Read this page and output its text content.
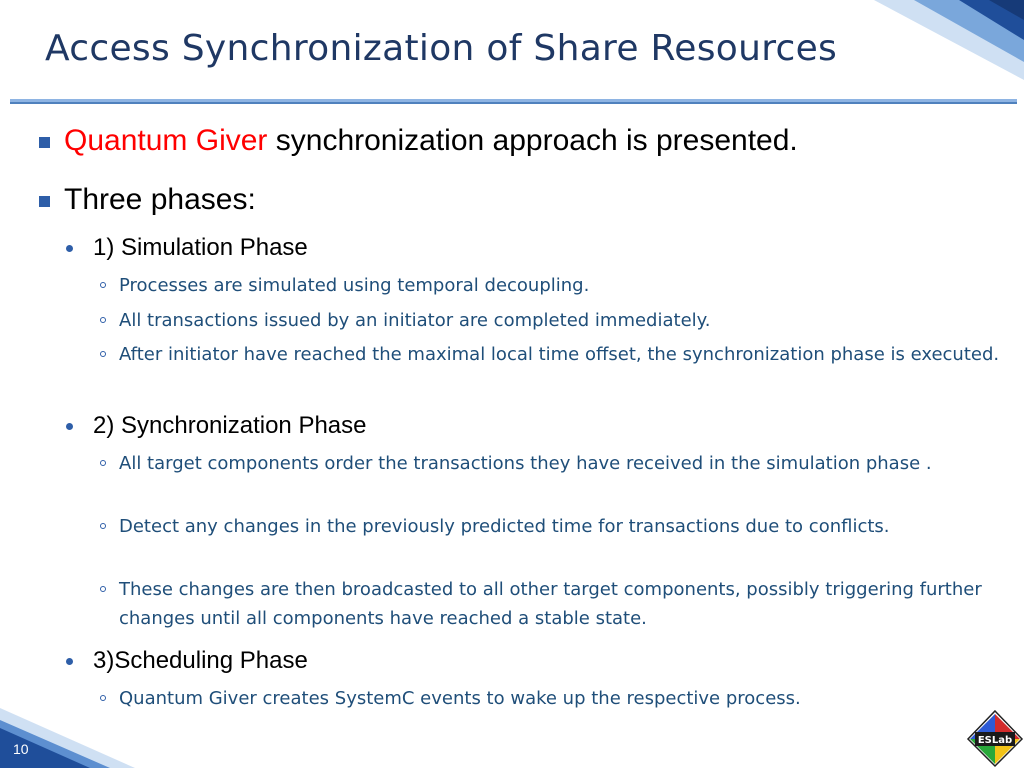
Access Synchronization of Share Resources
Quantum Giver synchronization approach is presented.
Three phases:
1) Simulation Phase
Processes are simulated using temporal decoupling.
All transactions issued by an initiator are completed immediately.
After initiator have reached the maximal local time offset, the synchronization phase is executed.
2) Synchronization Phase
All target components order the transactions they have received in the simulation phase .
Detect any changes in the previously predicted time for transactions due to conflicts.
These changes are then broadcasted to all other target components, possibly triggering further changes until all components have reached a stable state.
3)Scheduling Phase
Quantum Giver creates SystemC events to wake up the respective process.
10
ESLab
